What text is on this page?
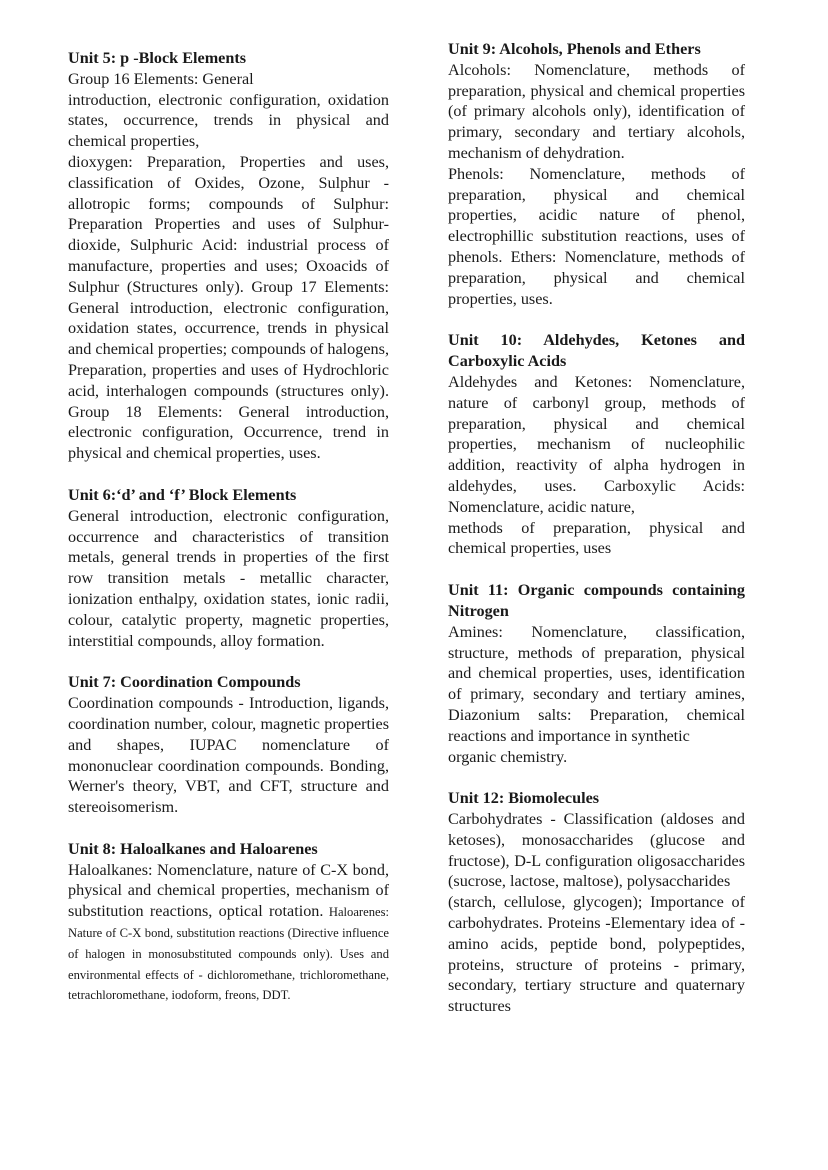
Unit 5: p -Block Elements

Group 16 Elements: General

introduction, electronic configuration, oxidation states, occurrence, trends in physical and chemical properties,

dioxygen: Preparation, Properties and uses, classification of Oxides, Ozone, Sulphur - allotropic forms; compounds of Sulphur: Preparation Properties and uses of Sulphur-dioxide, Sulphuric Acid: industrial process of manufacture, properties and uses; Oxoacids of Sulphur (Structures only). Group 17 Elements: General introduction, electronic configuration, oxidation states, occurrence, trends in physical and chemical properties; compounds of halogens, Preparation, properties and uses of Hydrochloric acid, interhalogen compounds (structures only). Group 18 Elements: General introduction, electronic configuration, Occurrence, trend in physical and chemical properties, uses.

Unit 6:‘d’ and ‘f’ Block Elements

General introduction, electronic configuration, occurrence and characteristics of transition metals, general trends in properties of the first row transition metals - metallic character, ionization enthalpy, oxidation states, ionic radii, colour, catalytic property, magnetic properties, interstitial compounds, alloy formation.

Unit 7: Coordination Compounds

Coordination compounds - Introduction, ligands, coordination number, colour, magnetic properties and shapes, IUPAC nomenclature of mononuclear coordination compounds. Bonding, Werner's theory, VBT, and CFT, structure and stereoisomerism.

Unit 8: Haloalkanes and Haloarenes

Haloalkanes: Nomenclature, nature of C-X bond, physical and chemical properties, mechanism of substitution reactions, optical rotation. Haloarenes: Nature of C-X bond, substitution reactions (Directive influence of halogen in monosubstituted compounds only). Uses and environmental effects of - dichloromethane, trichloromethane, tetrachloromethane, iodoform, freons, DDT.

Unit 9: Alcohols, Phenols and Ethers

Alcohols: Nomenclature, methods of preparation, physical and chemical properties (of primary alcohols only), identification of primary, secondary and tertiary alcohols, mechanism of dehydration.

Phenols: Nomenclature, methods of preparation, physical and chemical properties, acidic nature of phenol, electrophillic substitution reactions, uses of phenols. Ethers: Nomenclature, methods of preparation, physical and chemical properties, uses.

Unit 10: Aldehydes, Ketones and Carboxylic Acids

Aldehydes and Ketones: Nomenclature, nature of carbonyl group, methods of preparation, physical and chemical properties, mechanism of nucleophilic addition, reactivity of alpha hydrogen in aldehydes, uses. Carboxylic Acids: Nomenclature, acidic nature,

methods of preparation, physical and chemical properties, uses

Unit 11: Organic compounds containing Nitrogen

Amines: Nomenclature, classification, structure, methods of preparation, physical and chemical properties, uses, identification of primary, secondary and tertiary amines, Diazonium salts: Preparation, chemical reactions and importance in synthetic

organic chemistry.

Unit 12: Biomolecules

Carbohydrates - Classification (aldoses and ketoses), monosaccharides (glucose and fructose), D-L configuration oligosaccharides (sucrose, lactose, maltose), polysaccharides

(starch, cellulose, glycogen); Importance of carbohydrates. Proteins -Elementary idea of - amino acids, peptide bond, polypeptides, proteins, structure of proteins - primary, secondary, tertiary structure and quaternary structures
